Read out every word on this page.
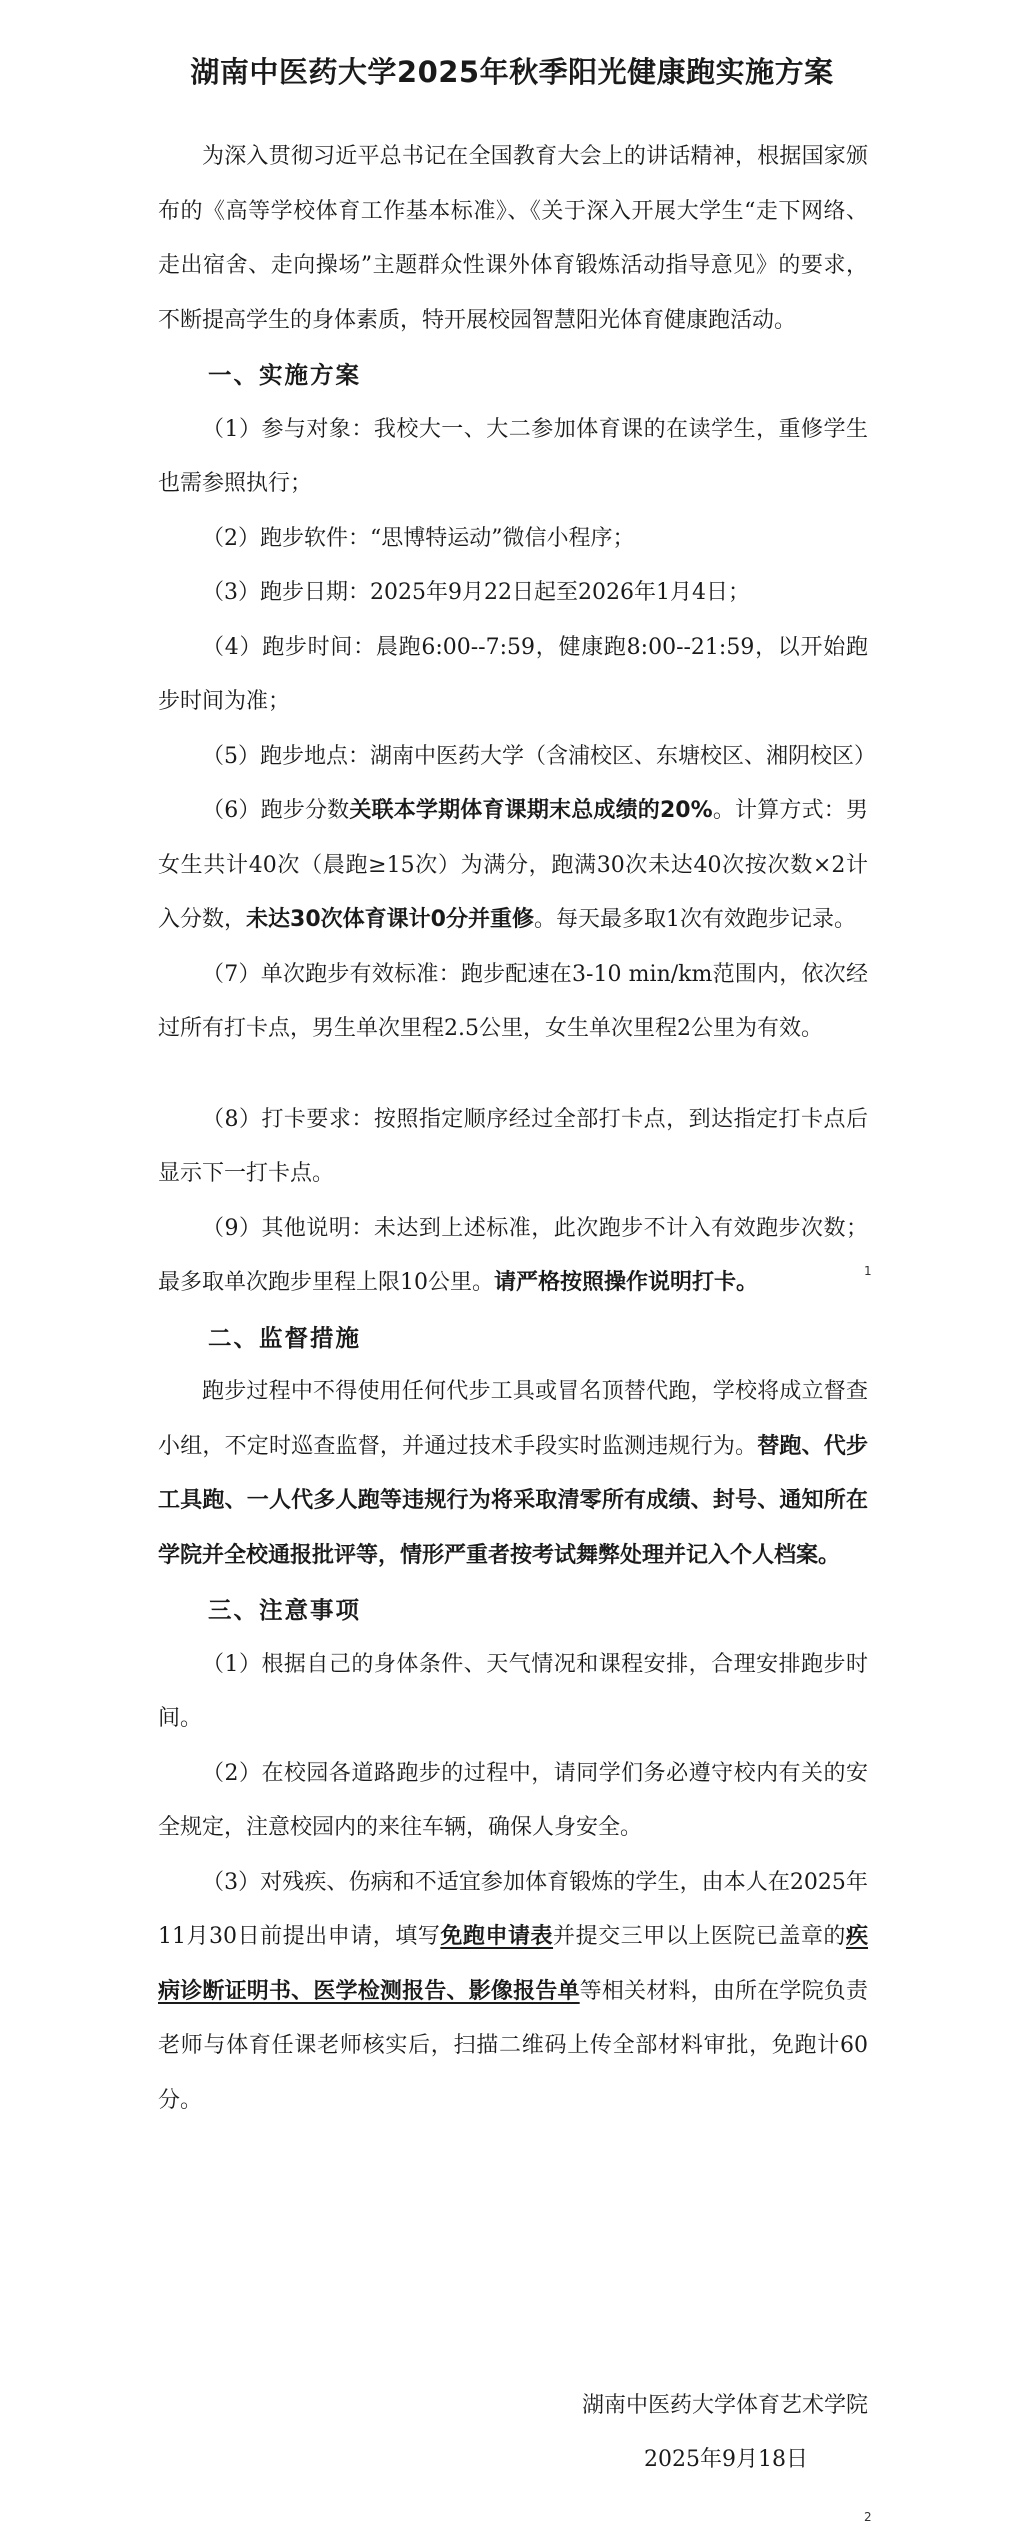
湖南中医药大学2025年秋季阳光健康跑实施方案

为深入贯彻习近平总书记在全国教育大会上的讲话精神，根据国家颁布的《高等学校体育工作基本标准》、《关于深入开展大学生“走下网络、走出宿舍、走向操场”主题群众性课外体育锻炼活动指导意见》的要求，不断提高学生的身体素质，特开展校园智慧阳光体育健康跑活动。

一、实施方案

（1）参与对象：我校大一、大二参加体育课的在读学生，重修学生也需参照执行；

（2）跑步软件：“思博特运动”微信小程序；

（3）跑步日期：2025年9月22日起至2026年1月4日；

（4）跑步时间：晨跑6:00--7:59，健康跑8:00--21:59，以开始跑步时间为准；

（5）跑步地点：湖南中医药大学（含浦校区、东塘校区、湘阴校区）

（6）跑步分数关联本学期体育课期末总成绩的20%。计算方式：男女生共计40次（晨跑≥15次）为满分，跑满30次未达40次按次数×2计入分数，未达30次体育课计0分并重修。每天最多取1次有效跑步记录。

（7）单次跑步有效标准：跑步配速在3-10 min/km范围内，依次经过所有打卡点，男生单次里程2.5公里，女生单次里程2公里为有效。

（8）打卡要求：按照指定顺序经过全部打卡点，到达指定打卡点后显示下一打卡点。

（9）其他说明：未达到上述标准，此次跑步不计入有效跑步次数；最多取单次跑步里程上限10公里。请严格按照操作说明打卡。

二、监督措施

跑步过程中不得使用任何代步工具或冒名顶替代跑，学校将成立督查小组，不定时巡查监督，并通过技术手段实时监测违规行为。替跑、代步工具跑、一人代多人跑等违规行为将采取清零所有成绩、封号、通知所在学院并全校通报批评等，情形严重者按考试舞弊处理并记入个人档案。

三、注意事项

（1）根据自己的身体条件、天气情况和课程安排，合理安排跑步时间。

（2）在校园各道路跑步的过程中，请同学们务必遵守校内有关的安全规定，注意校园内的来往车辆，确保人身安全。

（3）对残疾、伤病和不适宜参加体育锻炼的学生，由本人在2025年11月30日前提出申请，填写免跑申请表并提交三甲以上医院已盖章的疾病诊断证明书、医学检测报告、影像报告单等相关材料，由所在学院负责老师与体育任课老师核实后，扫描二维码上传全部材料审批，免跑计60分。

1
湖南中医药大学体育艺术学院
2025年9月18日
2
